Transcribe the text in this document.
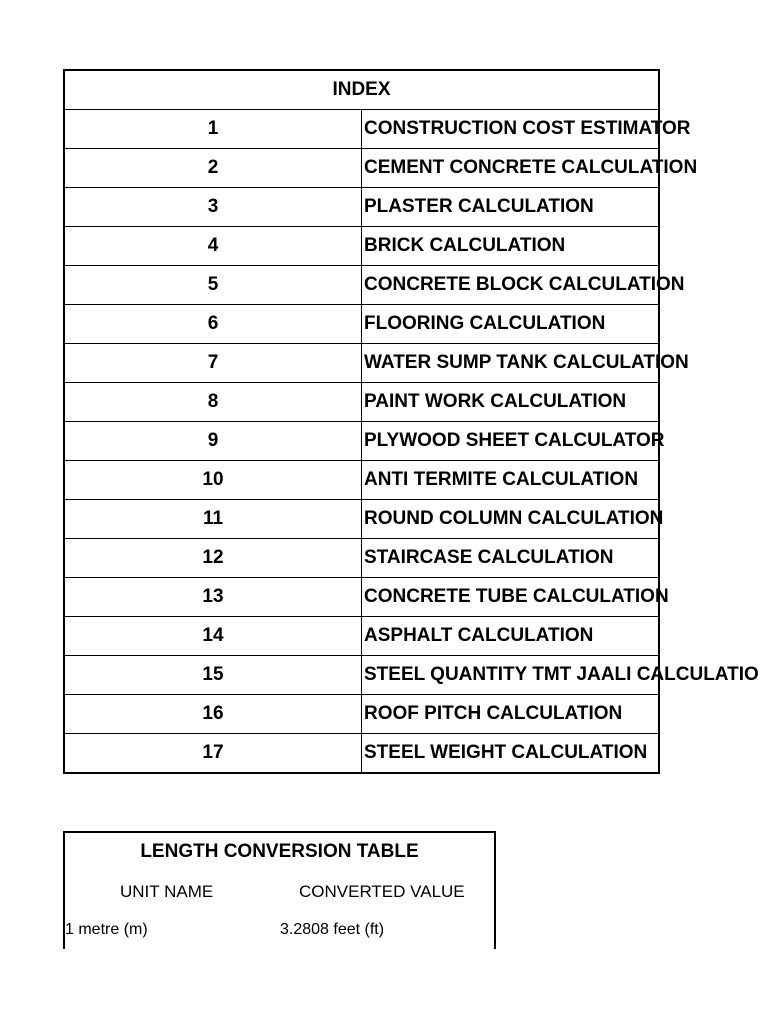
INDEX	
1	CONSTRUCTION COST ESTIMATOR
2	CEMENT CONCRETE CALCULATION
3	PLASTER CALCULATION
4	BRICK CALCULATION
5	CONCRETE BLOCK CALCULATION
6	FLOORING CALCULATION
7	WATER SUMP TANK CALCULATION
8	PAINT WORK CALCULATION
9	PLYWOOD SHEET CALCULATOR
10	ANTI TERMITE CALCULATION
11	ROUND COLUMN CALCULATION
12	STAIRCASE CALCULATION
13	CONCRETE TUBE CALCULATION
14	ASPHALT CALCULATION
15	STEEL QUANTITY TMT JAALI CALCULATIO
16	ROOF PITCH CALCULATION
17	STEEL WEIGHT CALCULATION
LENGTH CONVERSION TABLE
UNIT NAME	CONVERTED VALUE
1 metre (m)	3.2808 feet (ft)
